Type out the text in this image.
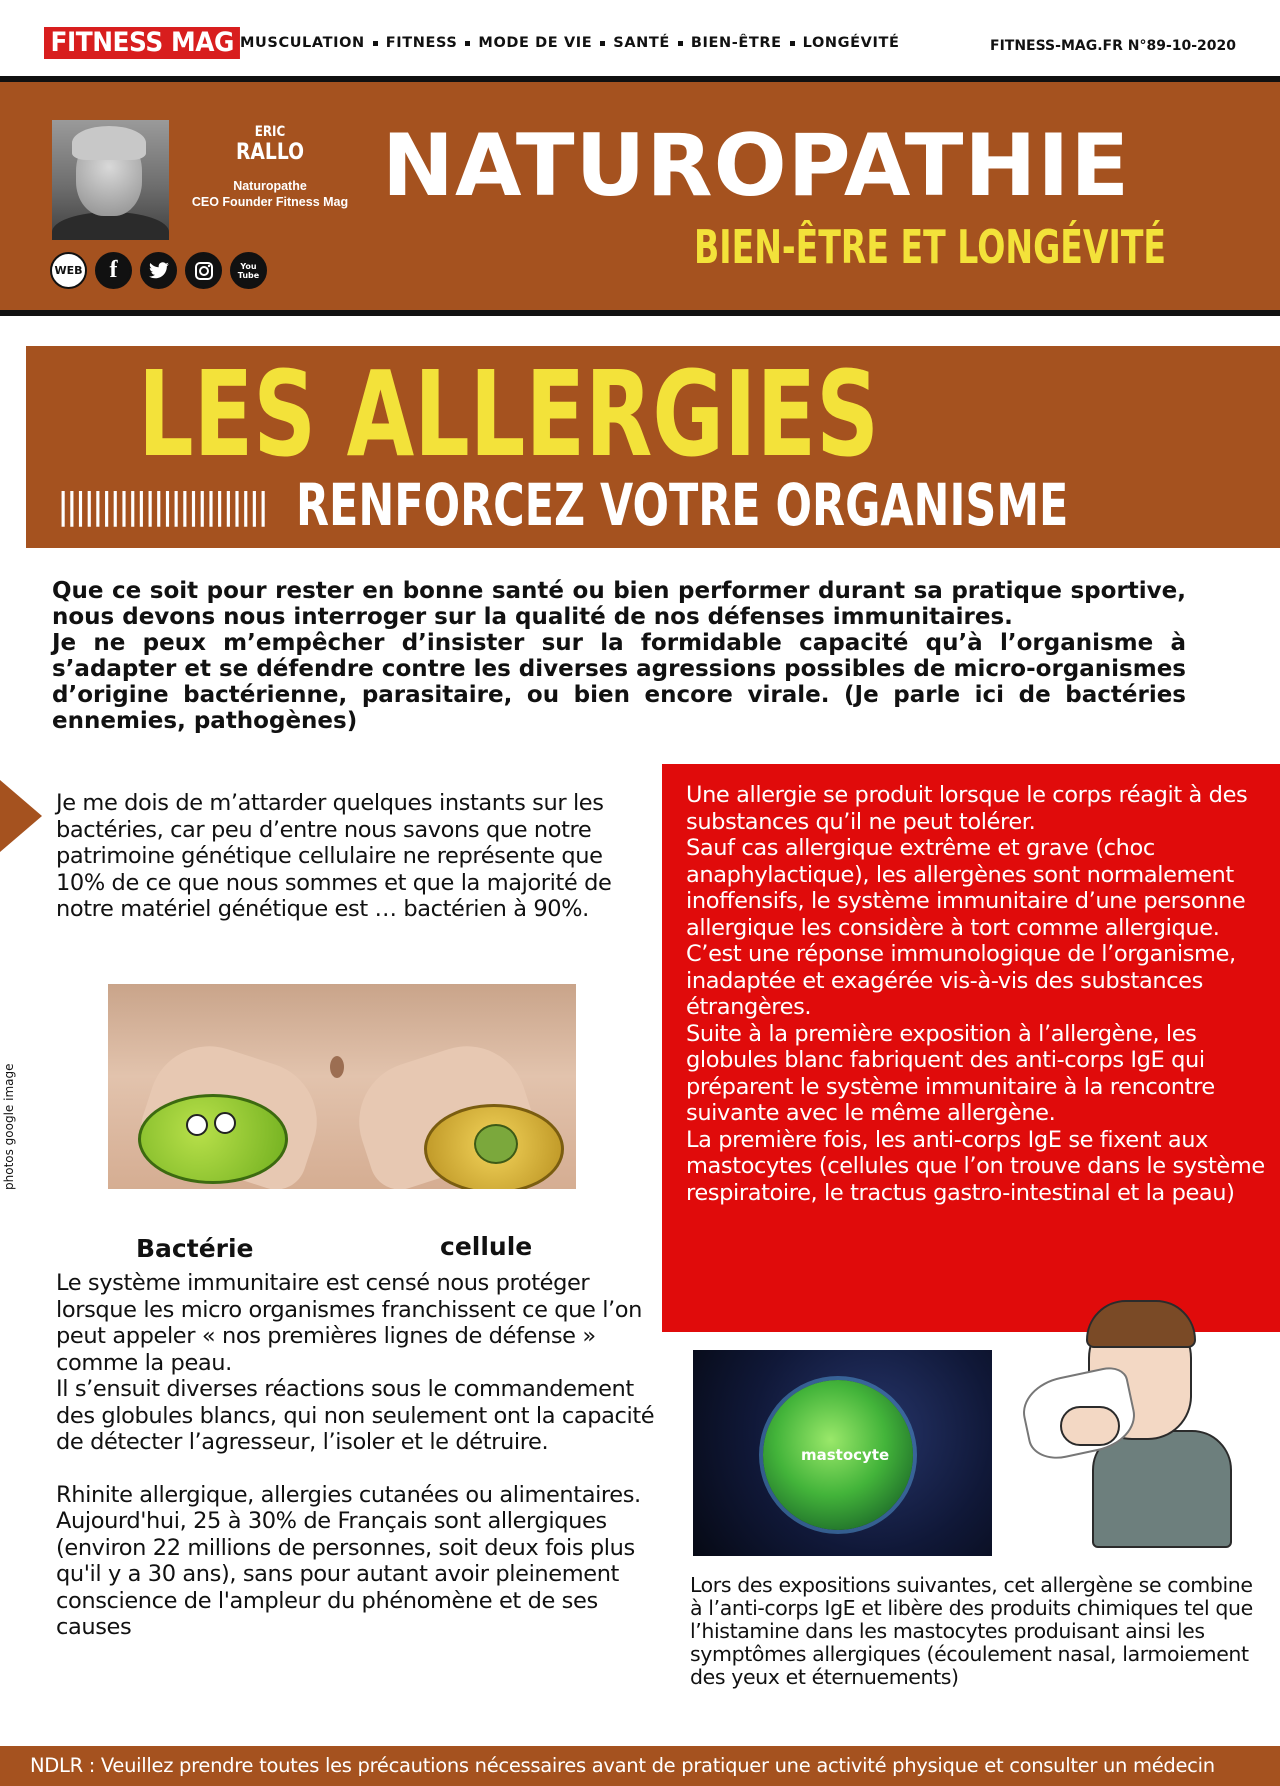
FITNESS MAG MUSCULATION FITNESS MODE DE VIE SANTÉ BIEN-ÊTRE LONGÉVITÉ	FITNESS-MAG.FR N°89-10-2020
ERIC
RALLO
Naturopathe
CEO Founder Fitness Mag
WEB	f	You Tube
NATUROPATHIE
BIEN-ÊTRE ET LONGÉVITÉ
LES ALLERGIES
|||||||||||||||||||||||| RENFORCEZ VOTRE ORGANISME

Que ce soit pour rester en bonne santé ou bien performer durant sa pratique sportive, nous devons nous interroger sur la qualité de nos défenses immunitaires.

Je ne peux m’empêcher d’insister sur la formidable capacité qu’à l’organisme à s’adapter et se défendre contre les diverses agressions possibles de micro-organismes d’origine bactérienne, parasitaire, ou bien encore virale. (Je parle ici de bactéries ennemies, pathogènes)

Je me dois de m’attarder quelques instants sur les bactéries, car peu d’entre nous savons que notre patrimoine génétique cellulaire ne représente que 10% de ce que nous sommes et que la majorité de notre matériel génétique est … bactérien à 90%.

photos google image
Bactérie	cellule

Le système immunitaire est censé nous protéger lorsque les micro organismes franchissent ce que l’on peut appeler « nos premières lignes de défense » comme la peau.

Il s’ensuit diverses réactions sous le commandement des globules blancs, qui non seulement ont la capacité de détecter l’agresseur, l’isoler et le détruire.

Rhinite allergique, allergies cutanées ou alimentaires. Aujourd'hui, 25 à 30% de Français sont allergiques (environ 22 millions de personnes, soit deux fois plus qu'il y a 30 ans), sans pour autant avoir pleinement conscience de l'ampleur du phénomène et de ses causes

Une allergie se produit lorsque le corps réagit à des substances qu’il ne peut tolérer.

Sauf cas allergique extrême et grave (choc anaphylactique), les allergènes sont normalement inoffensifs, le système immunitaire d’une personne allergique les considère à tort comme allergique.

C’est une réponse immunologique de l’organisme, inadaptée et exagérée vis-à-vis des substances étrangères.

Suite à la première exposition à l’allergène, les globules blanc fabriquent des anti-corps IgE qui préparent le système immunitaire à la rencontre suivante avec le même allergène.

La première fois, les anti-corps IgE se fixent aux mastocytes (cellules que l’on trouve dans le système respiratoire, le tractus gastro-intestinal et la peau)

mastocyte

Lors des expositions suivantes, cet allergène se combine à l’anti-corps IgE et libère des produits chimiques tel que l’histamine dans les mastocytes produisant ainsi les symptômes allergiques (écoulement nasal, larmoiement des yeux et éternuements)

NDLR : Veuillez prendre toutes les précautions nécessaires avant de pratiquer une activité physique et consulter un médecin
